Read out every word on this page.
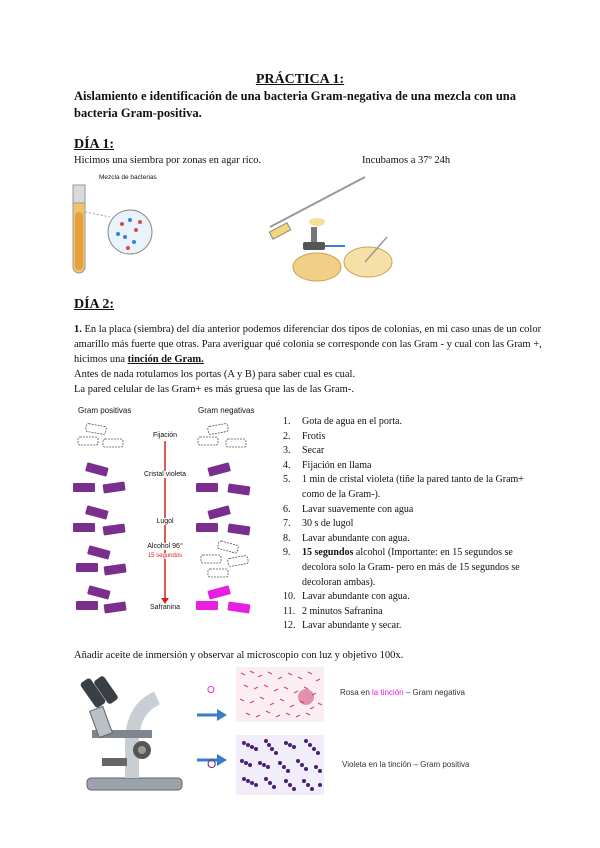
PRÁCTICA 1:
Aislamiento e identificación de una bacteria Gram-negativa de una mezcla con una bacteria Gram-positiva.
DÍA 1:
Hicimos una siembra por zonas en agar rico.	Incubamos a 37º 24h
Mezcla de bacterias
DÍA 2:
1. En la placa (siembra) del día anterior podemos diferenciar dos tipos de colonias, en mi caso unas de un color amarillo más fuerte que otras. Para averiguar qué colonia se corresponde con las Gram - y cual con las Gram +, hicimos una tinción de Gram.
Antes de nada rotulamos los portas (A y B) para saber cual es cual.
La pared celular de las Gram+ es más gruesa que las de las Gram-.
Gram positivas	Gram negativas
Fijación
Cristal violeta
Lugol
Alcohol 96°
15 segundos
Safranina
1.	Gota de agua en el porta.
2.	Frotis
3.	Secar
4.	Fijación en llama
5.	1 min de cristal violeta (tiñe la pared tanto de la Gram+ como de la Gram-).
6.	Lavar suavemente con agua
7.	30 s de lugol
8.	Lavar abundante con agua.
9.	15 segundos alcohol (Importante: en 15 segundos se decolora solo la Gram- pero en más de 15 segundos se decoloran ambas).
10. Lavar abundante con agua.
11. 2 minutos Safranina
12. Lavar abundante y secar.
Añadir aceite de inmersión y observar al microscopio con luz y objetivo 100x.
O
O
Rosa en la tinción – Gram negativa
Violeta en la tinción – Gram positiva
